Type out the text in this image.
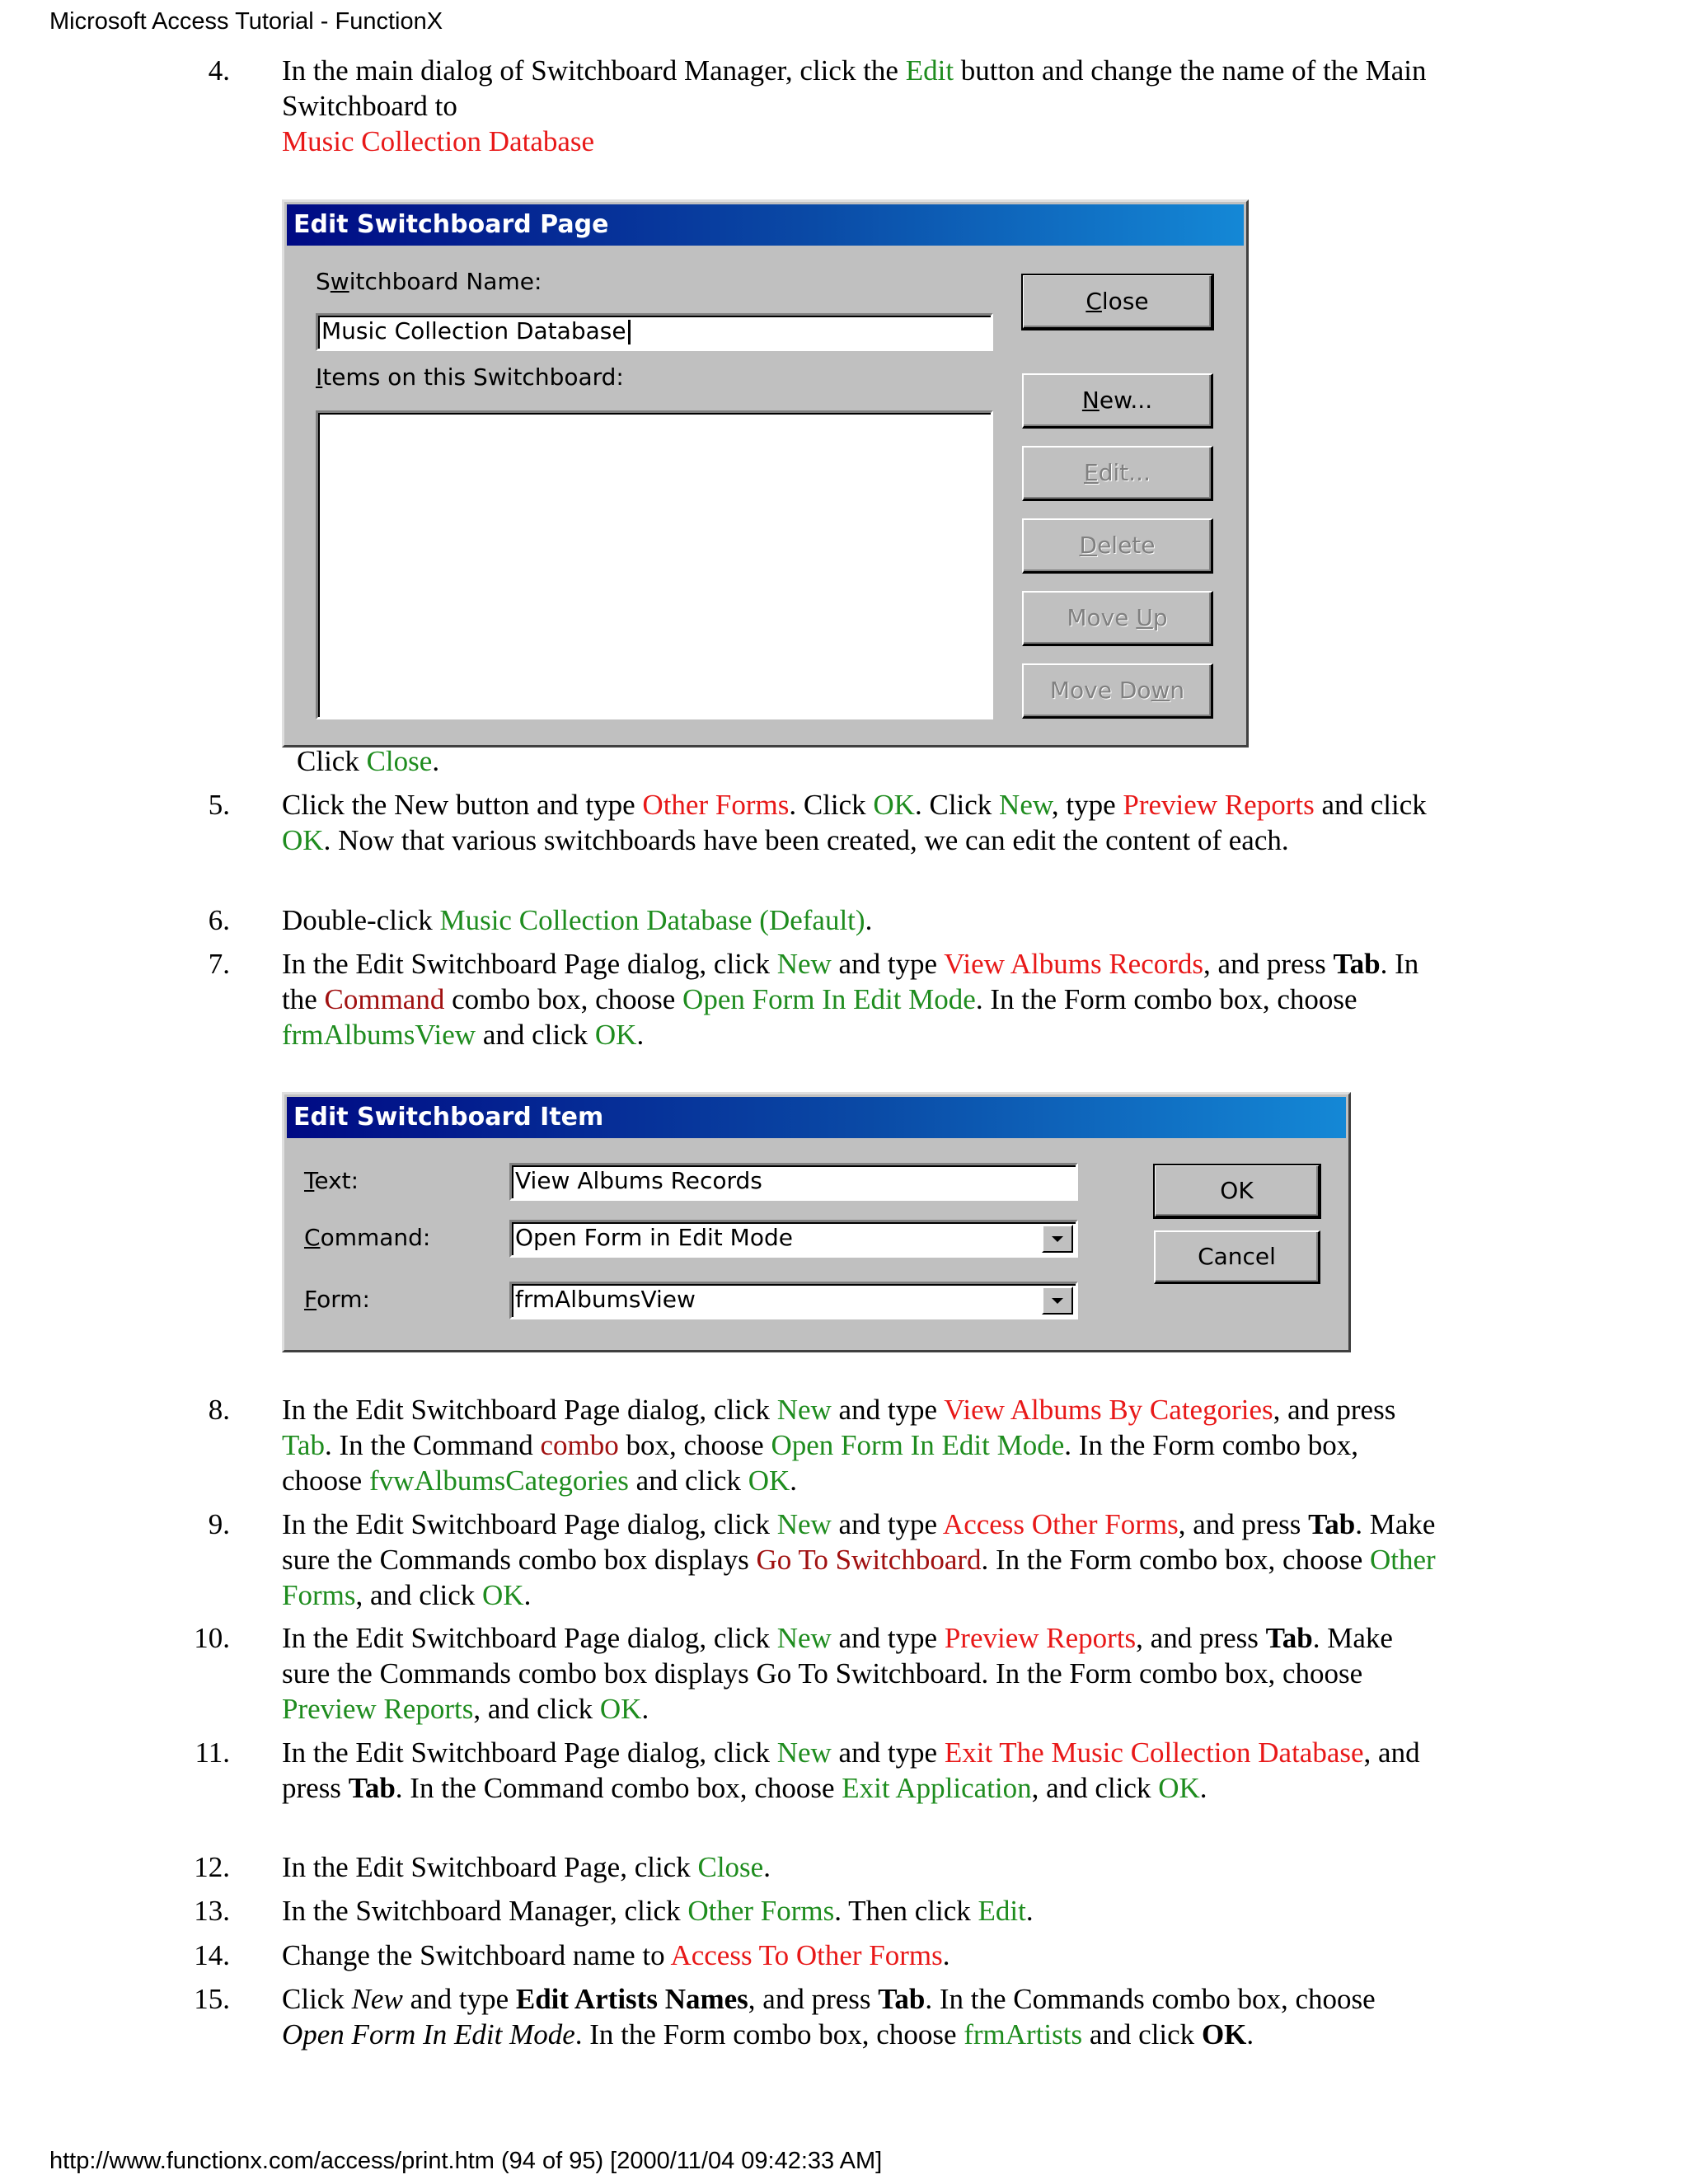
Microsoft Access Tutorial - FunctionX
http://www.functionx.com/access/print.htm (94 of 95) [2000/11/04 09:42:33 AM]
4. In the main dialog of Switchboard Manager, click the Edit button and change the name of the Main Switchboard to
Music Collection Database
Edit Switchboard Page
Switchboard Name:
Music Collection Database
Items on this Switchboard:
Close
New...
Edit...
Delete
Move Up
Move Down
Click Close.
5. Click the New button and type Other Forms. Click OK. Click New, type Preview Reports and click OK. Now that various switchboards have been created, we can edit the content of each.
6. Double-click Music Collection Database (Default).
7. In the Edit Switchboard Page dialog, click New and type View Albums Records, and press Tab. In the Command combo box, choose Open Form In Edit Mode. In the Form combo box, choose frmAlbumsView and click OK.
Edit Switchboard Item
Text:
Command:
Form:
View Albums Records
Open Form in Edit Mode
frmAlbumsView
OK
Cancel
8. In the Edit Switchboard Page dialog, click New and type View Albums By Categories, and press Tab. In the Command combo box, choose Open Form In Edit Mode. In the Form combo box, choose fvwAlbumsCategories and click OK.
9. In the Edit Switchboard Page dialog, click New and type Access Other Forms, and press Tab. Make sure the Commands combo box displays Go To Switchboard. In the Form combo box, choose Other Forms, and click OK.
10. In the Edit Switchboard Page dialog, click New and type Preview Reports, and press Tab. Make sure the Commands combo box displays Go To Switchboard. In the Form combo box, choose Preview Reports, and click OK.
11. In the Edit Switchboard Page dialog, click New and type Exit The Music Collection Database, and press Tab. In the Command combo box, choose Exit Application, and click OK.
12. In the Edit Switchboard Page, click Close.
13. In the Switchboard Manager, click Other Forms. Then click Edit.
14. Change the Switchboard name to Access To Other Forms.
15. Click New and type Edit Artists Names, and press Tab. In the Commands combo box, choose Open Form In Edit Mode. In the Form combo box, choose frmArtists and click OK.
